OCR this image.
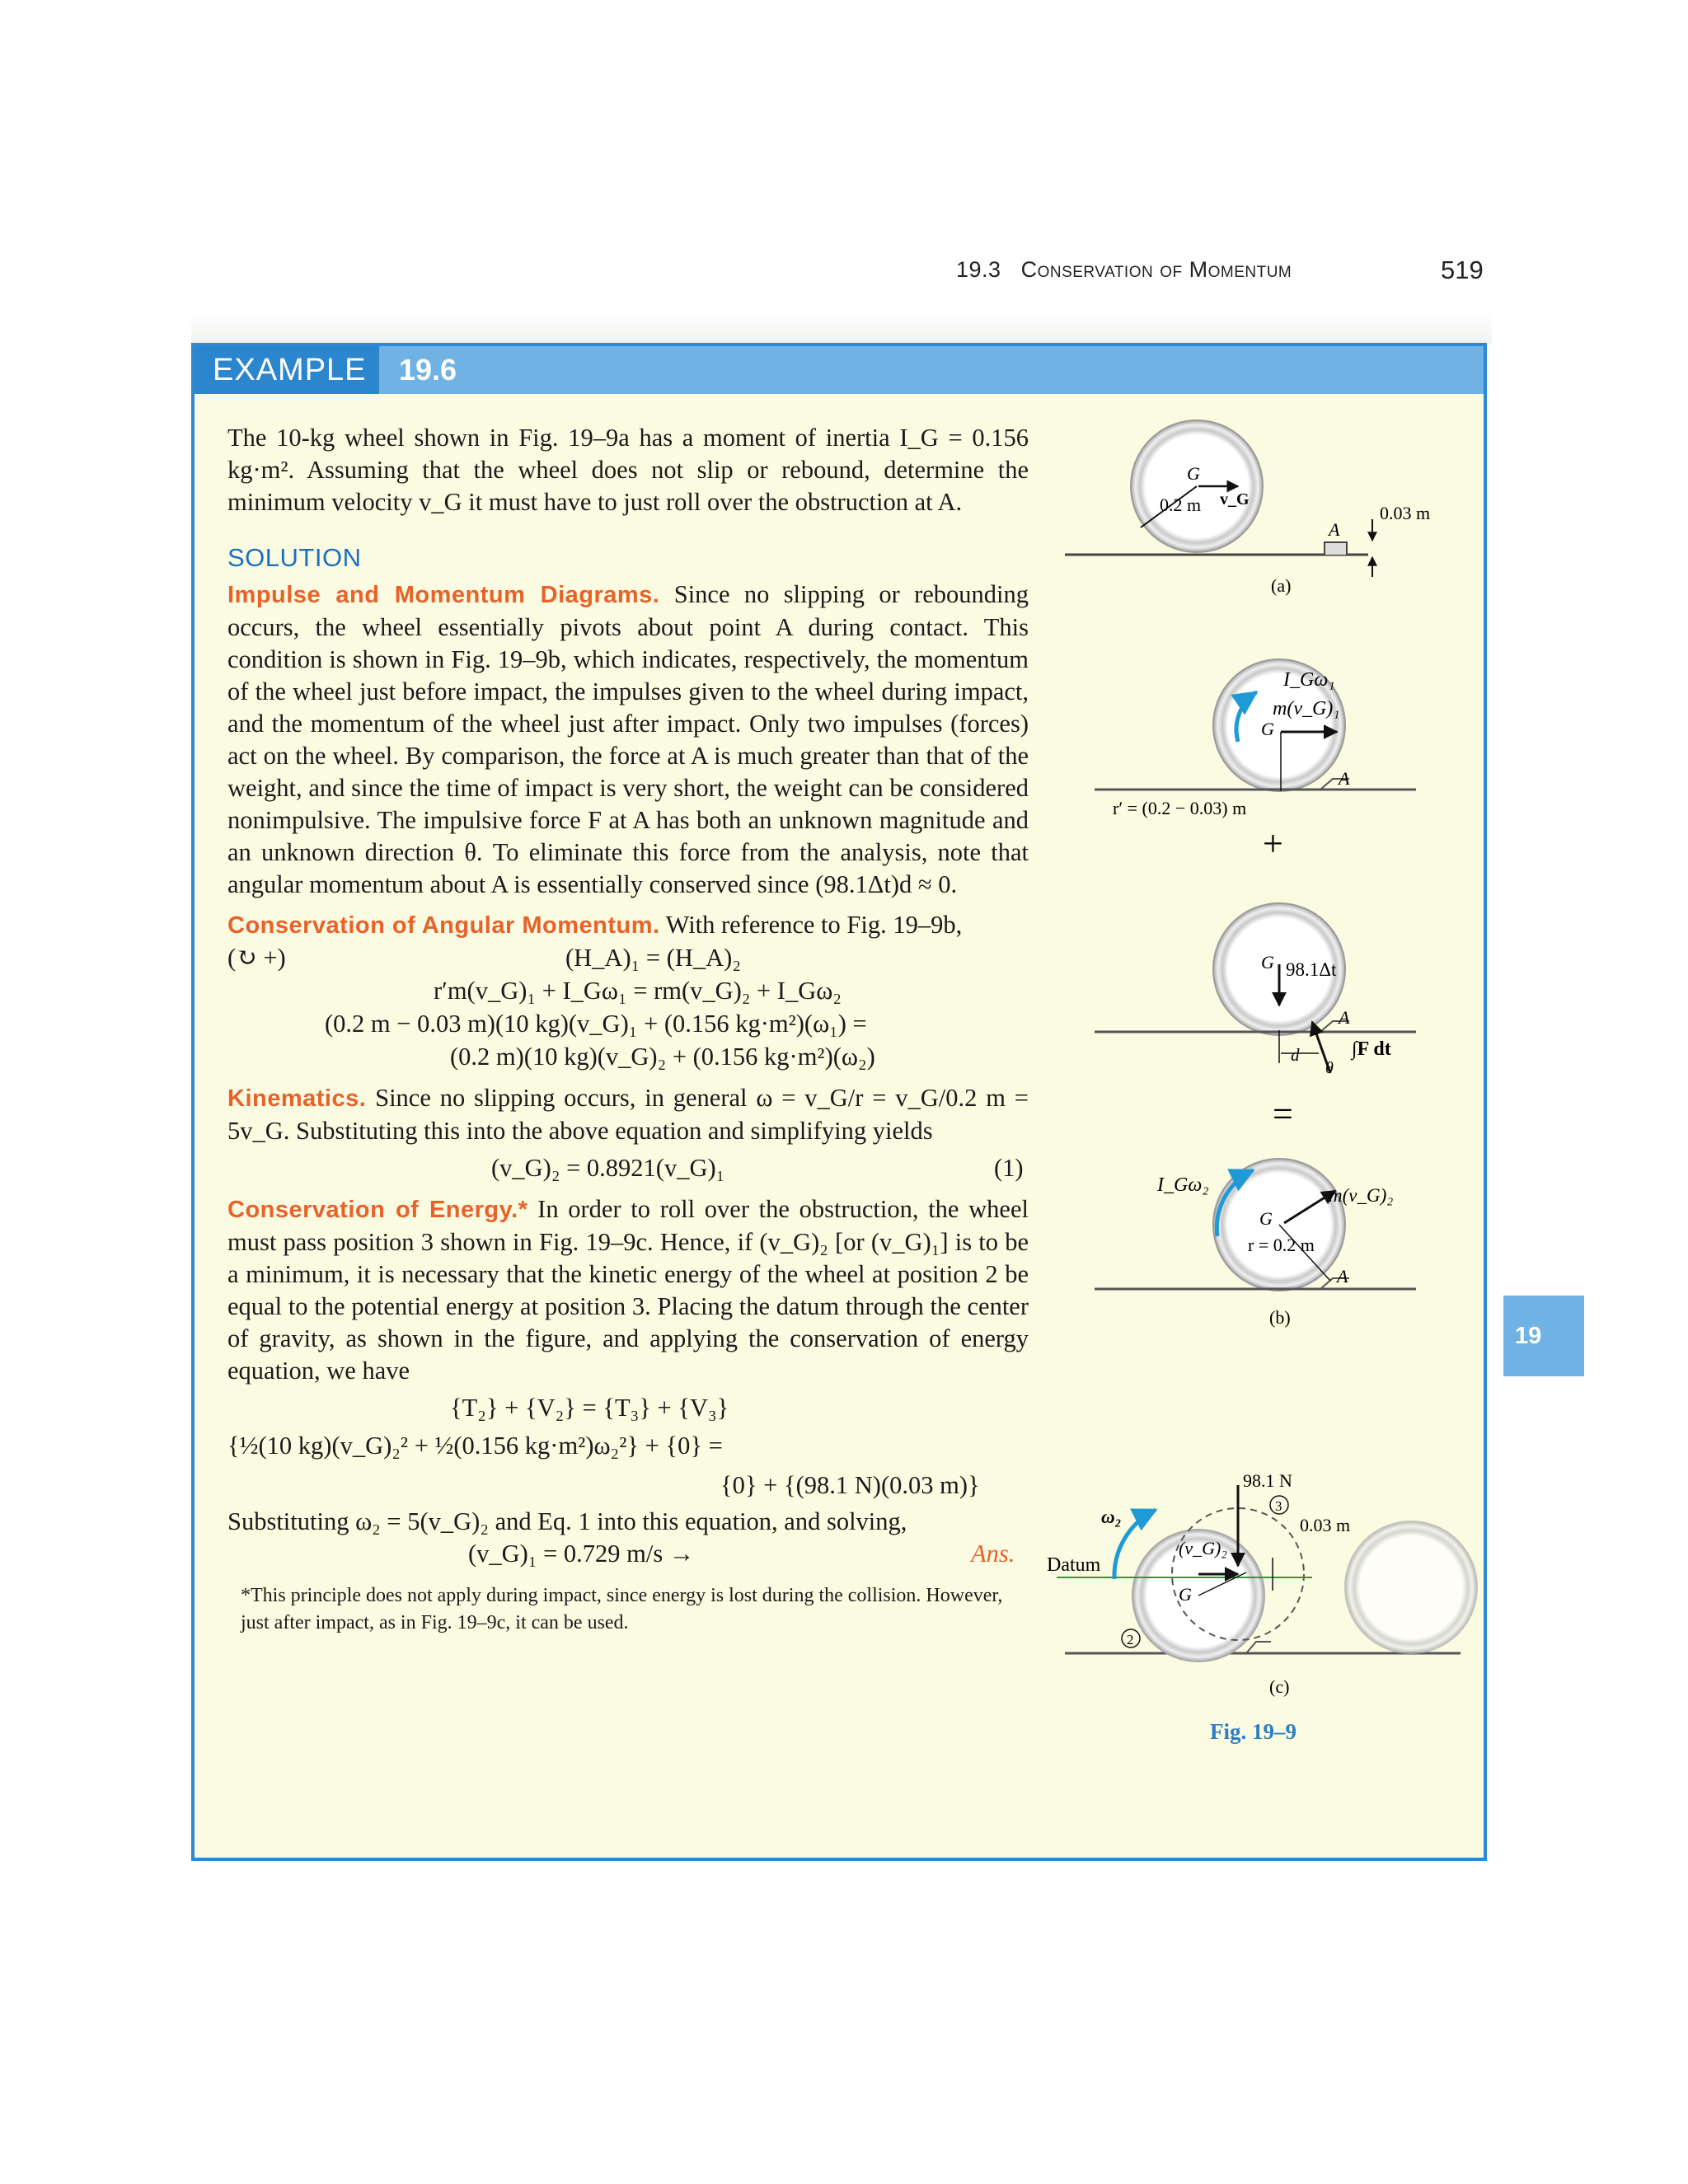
19.3 Conservation of Momentum	519
EXAMPLE	19.6

The 10-kg wheel shown in Fig. 19–9a has a moment of inertia I_G = 0.156 kg·m². Assuming that the wheel does not slip or rebound, determine the minimum velocity v_G it must have to just roll over the obstruction at A.

SOLUTION

Impulse and Momentum Diagrams. Since no slipping or rebounding occurs, the wheel essentially pivots about point A during contact. This condition is shown in Fig. 19–9b, which indicates, respectively, the momentum of the wheel just before impact, the impulses given to the wheel during impact, and the momentum of the wheel just after impact. Only two impulses (forces) act on the wheel. By comparison, the force at A is much greater than that of the weight, and since the time of impact is very short, the weight can be considered nonimpulsive. The impulsive force F at A has both an unknown magnitude and an unknown direction θ. To eliminate this force from the analysis, note that angular momentum about A is essentially conserved since (98.1Δt)d ≈ 0.

Conservation of Angular Momentum. With reference to Fig. 19–9b,

(↻ +)	(H_A)₁ = (H_A)₂
r′m(v_G)₁ + I_Gω₁ = rm(v_G)₂ + I_Gω₂
(0.2 m − 0.03 m)(10 kg)(v_G)₁ + (0.156 kg·m²)(ω₁) =
(0.2 m)(10 kg)(v_G)₂ + (0.156 kg·m²)(ω₂)

Kinematics. Since no slipping occurs, in general ω = v_G/r = v_G/0.2 m = 5v_G. Substituting this into the above equation and simplifying yields

(v_G)₂ = 0.8921(v_G)₁	(1)

Conservation of Energy.* In order to roll over the obstruction, the wheel must pass position 3 shown in Fig. 19–9c. Hence, if (v_G)₂ [or (v_G)₁] is to be a minimum, it is necessary that the kinetic energy of the wheel at position 2 be equal to the potential energy at position 3. Placing the datum through the center of gravity, as shown in the figure, and applying the conservation of energy equation, we have

{T₂} + {V₂} = {T₃} + {V₃}
{½(10 kg)(v_G)₂² + ½(0.156 kg·m²)ω₂²} + {0} =
{0} + {(98.1 N)(0.03 m)}

Substituting ω₂ = 5(v_G)₂ and Eq. 1 into this equation, and solving,

(v_G)₁ = 0.729 m/s →	Ans.

*This principle does not apply during impact, since energy is lost during the collision. However, just after impact, as in Fig. 19–9c, it can be used.

19
G
0.2 m v_G
A
0.03 m
(a)
I_Gω₁
m(v_G)₁
G
A
r′ = (0.2 − 0.03) m
+
G 98.1Δt
A
d
θ
∫F dt
=
I_Gω₂	m(v_G)₂
G
r = 0.2 m
A
(b)
98.1 N
3
0.03 m
ω₂
(v_G)₂
Datum
G
2
(c)
Fig. 19–9
